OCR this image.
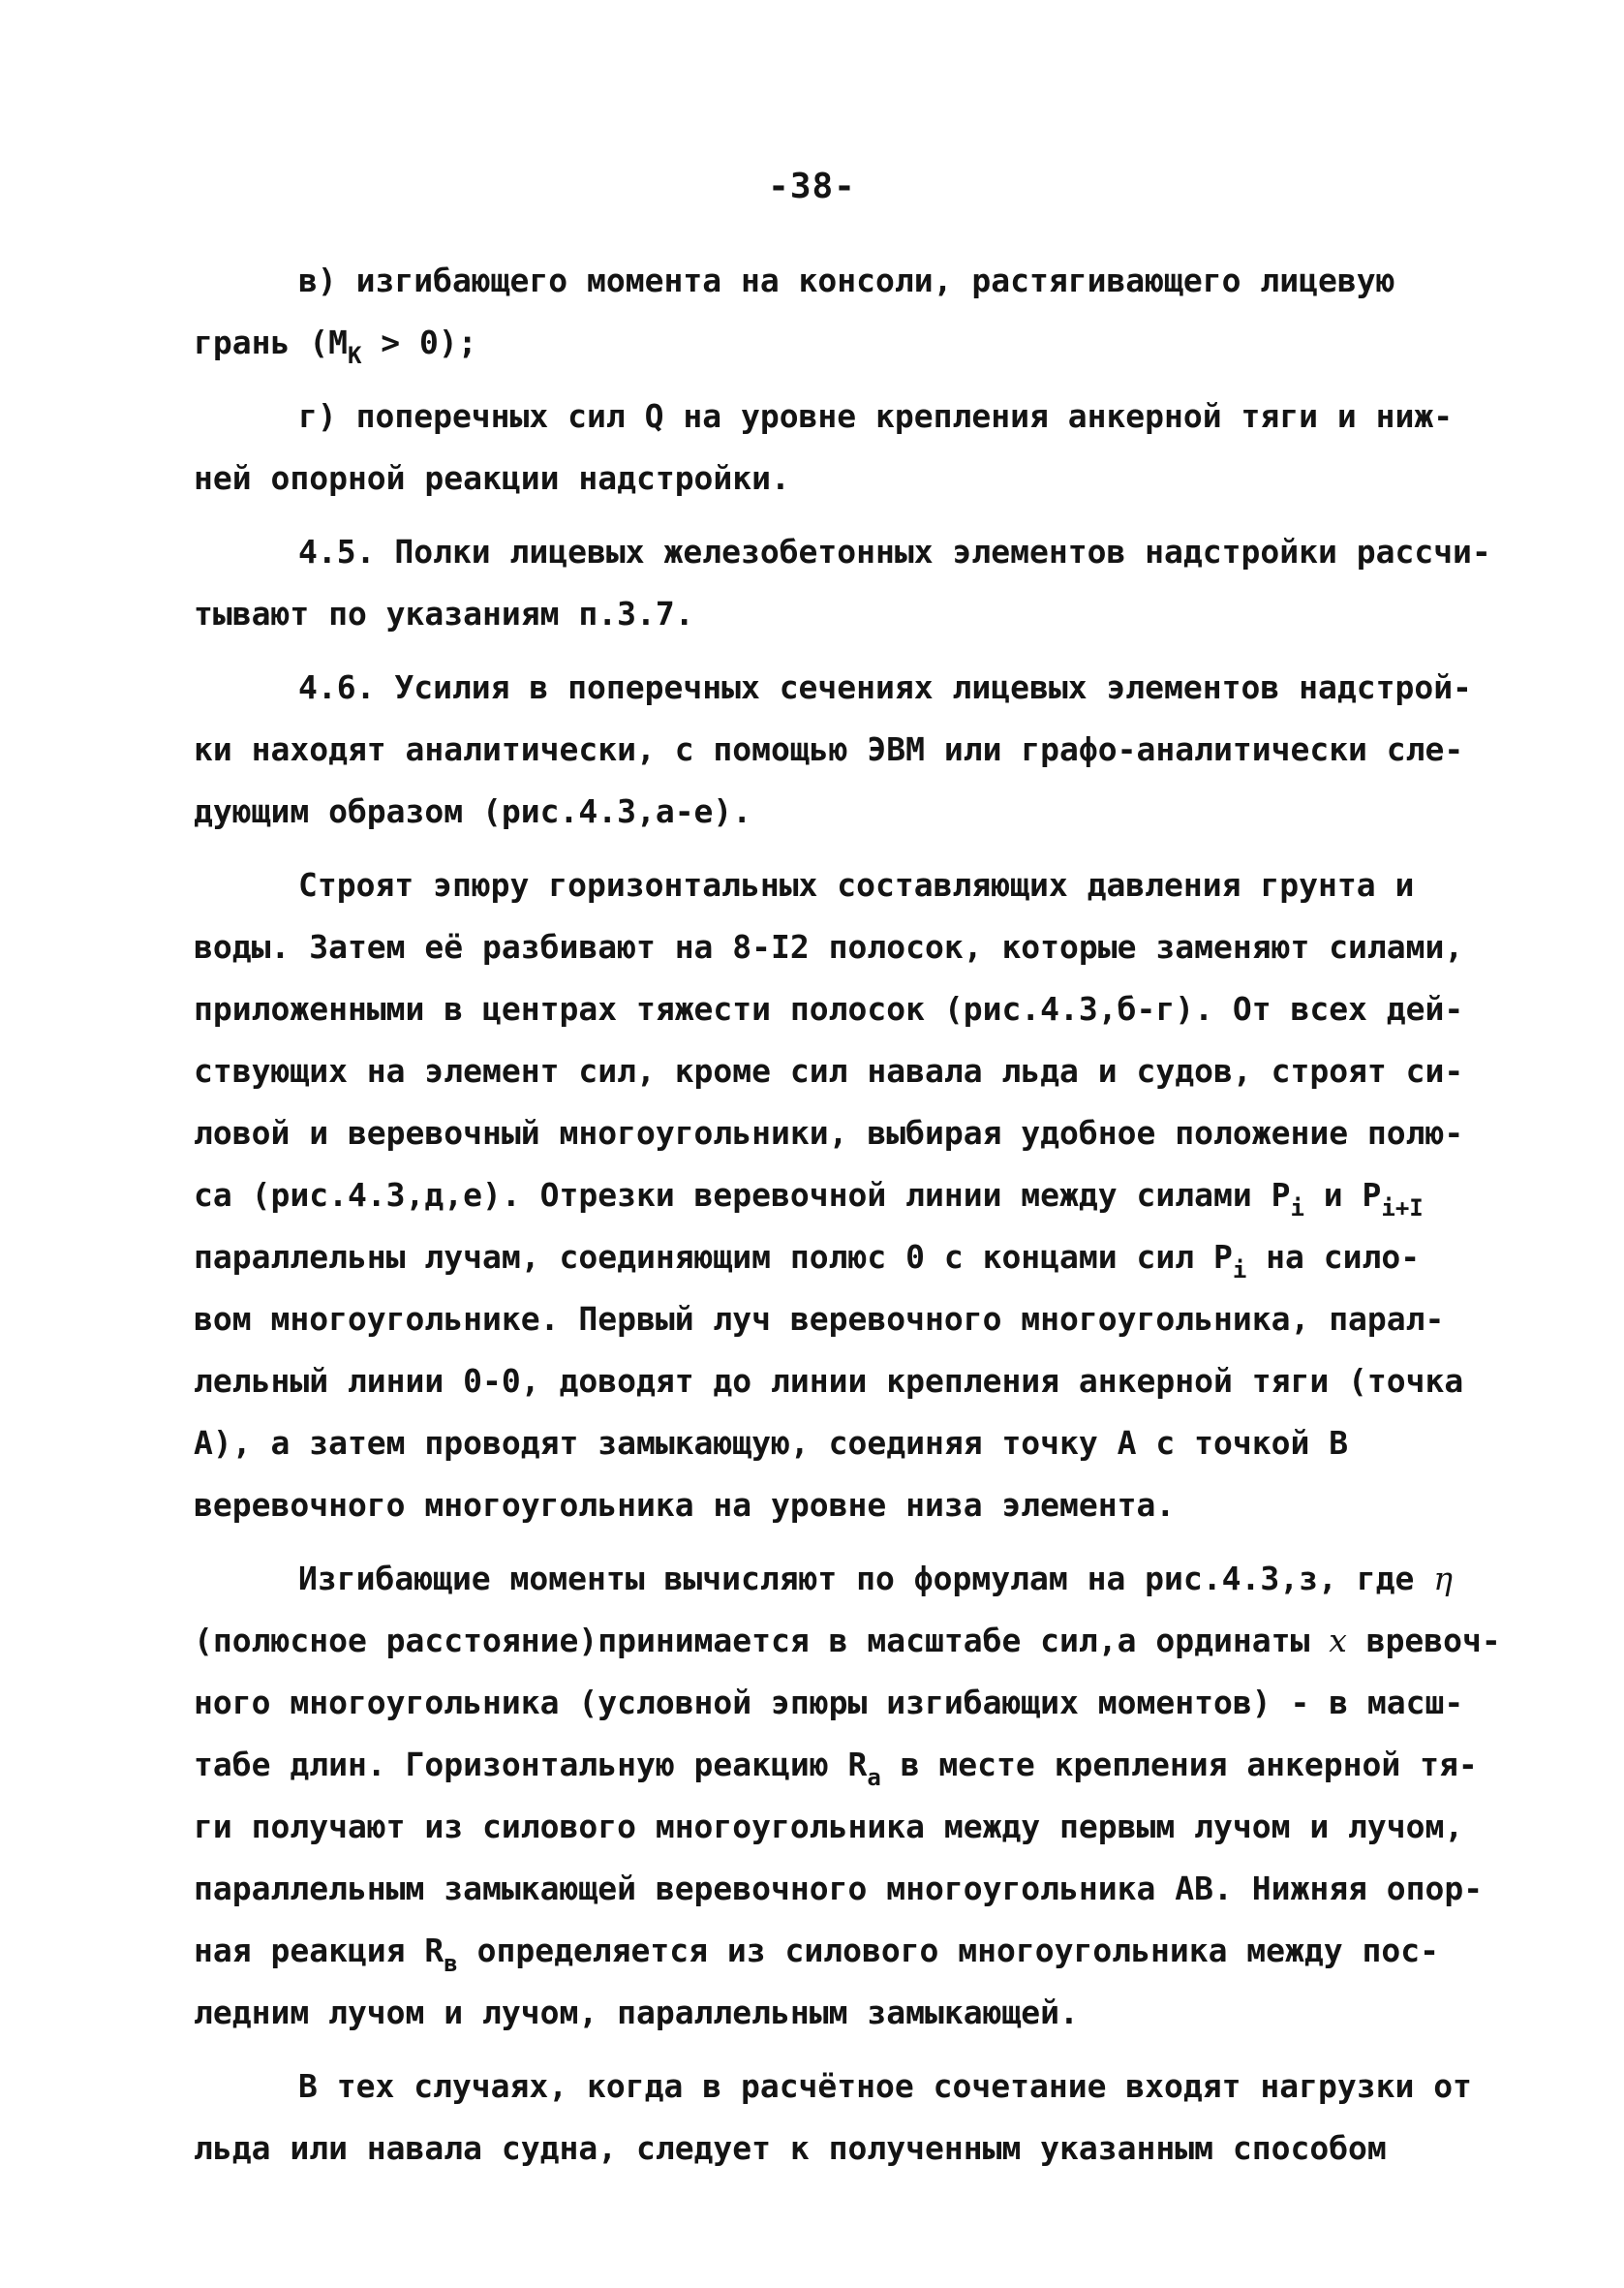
-38-
в) изгибающего момента на консоли, растягивающего лицевую
грань $(M_K > 0)$;
г) поперечных сил Q на уровне крепления анкерной тяги и ниж-
ней опорной реакции надстройки.
4.5. Полки лицевых железобетонных элементов надстройки рассчи-
тывают по указаниям п.3.7.
4.6. Усилия в поперечных сечениях лицевых элементов надстрой-
ки находят аналитически, с помощью ЭВМ или графо-аналитически сле-
дующим образом (рис.4.3,а-е).
Строят эпюру горизонтальных составляющих давления грунта и
воды. Затем её разбивают на 8-I2 полосок, которые заменяют силами,
приложенными в центрах тяжести полосок (рис.4.3,б-г). От всех дей-
ствующих на элемент сил, кроме сил навала льда и судов, строят си-
ловой и веревочный многоугольники, выбирая удобное положение полю-
са (рис.4.3,д,е). Отрезки веревочной линии между силами $P_i$ и $P_{i+I}$
параллельны лучам, соединяющим полюс 0 с концами сил $P_i$ на сило-
вом многоугольнике. Первый луч веревочного многоугольника, парал-
лельный линии 0-0, доводят до линии крепления анкерной тяги (точка
A), а затем проводят замыкающую, соединяя точку A с точкой B
веревочного многоугольника на уровне низа элемента.
Изгибающие моменты вычисляют по формулам на рис.4.3,з, где η
(полюсное расстояние)принимается в масштабе сил,а ординаты x вревоч-
ного многоугольника (условной эпюры изгибающих моментов) - в масш-
табе длин. Горизонтальную реакцию $R_a$ в месте крепления анкерной тя-
ги получают из силового многоугольника между первым лучом и лучом,
параллельным замыкающей веревочного многоугольника AB. Нижняя опор-
ная реакция $R_в$ определяется из силового многоугольника между пос-
ледним лучом и лучом, параллельным замыкающей.
В тех случаях, когда в расчётное сочетание входят нагрузки от
льда или навала судна, следует к полученным указанным способом
